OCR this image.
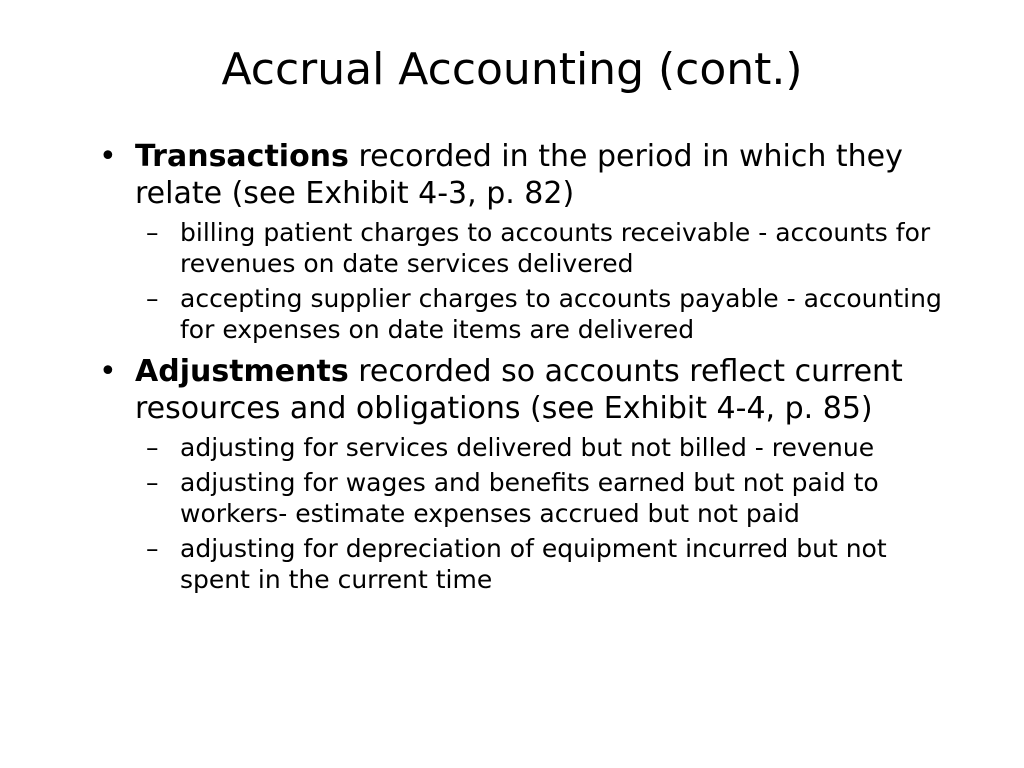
Accrual Accounting (cont.)
• Transactions recorded in the period in which they relate (see Exhibit 4-3, p. 82)
– billing patient charges to accounts receivable - accounts for revenues on date services delivered
– accepting supplier charges to accounts payable - accounting for expenses on date items are delivered
• Adjustments recorded so accounts reflect current resources and obligations (see Exhibit 4-4, p. 85)
– adjusting for services delivered but not billed - revenue
– adjusting for wages and benefits earned but not paid to workers- estimate expenses accrued but not paid
– adjusting for depreciation of equipment incurred but not spent in the current time
